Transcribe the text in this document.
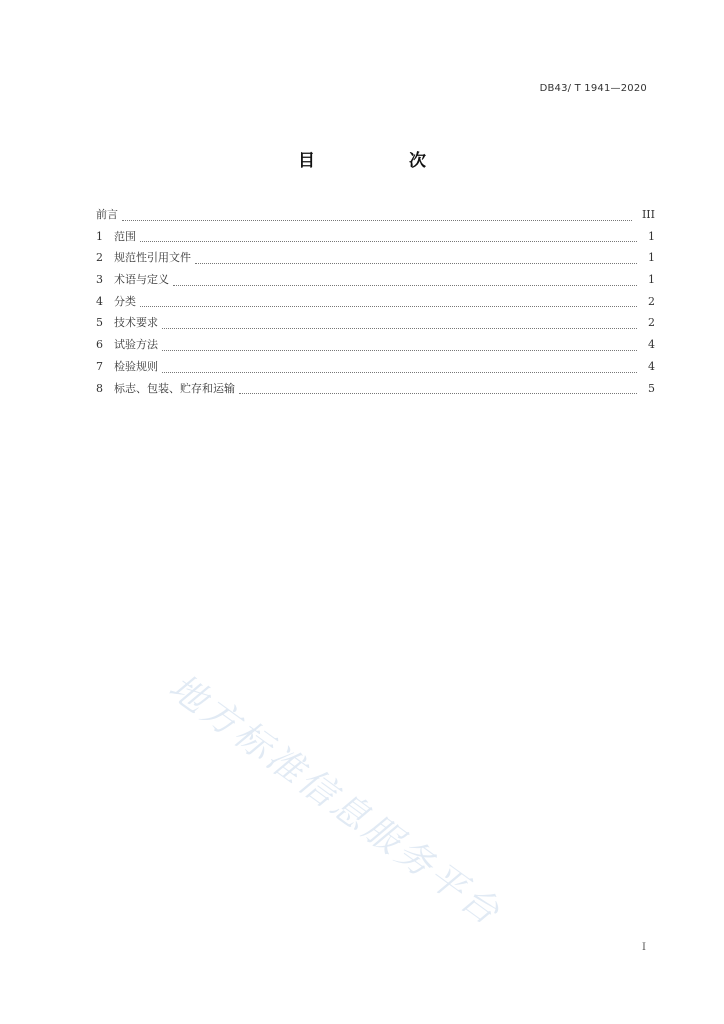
DB43/ T 1941—2020
目 次
前言	III
1	范围	1
2	规范性引用文件	1
3	术语与定义	1
4	分类	2
5	技术要求	2
6	试验方法	4
7	检验规则	4
8	标志、包装、贮存和运输	5
地方标准信息服务平台
I
